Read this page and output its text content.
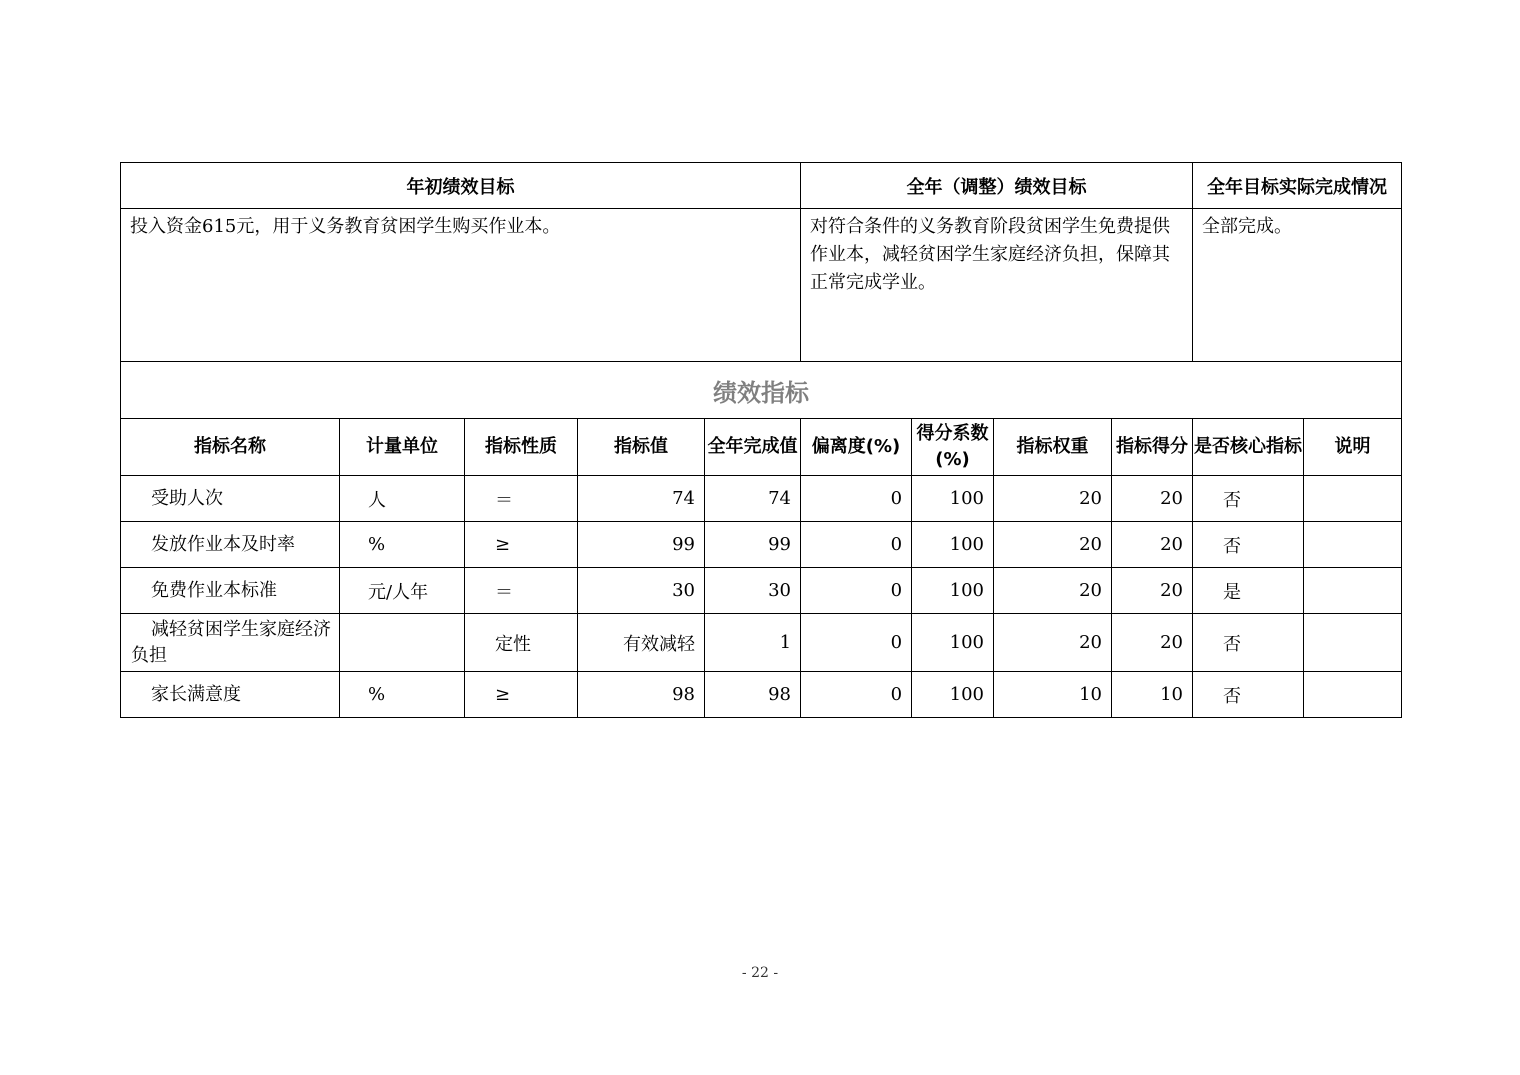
年初绩效目标					全年（调整）绩效目标				全年目标实际完成情况	
投入资金615元，用于义务教育贫困学生购买作业本。					对符合条件的义务教育阶段贫困学生免费提供作业本，减轻贫困学生家庭经济负担，保障其正常完成学业。				全部完成。	
绩效指标										
指标名称	计量单位	指标性质	指标值	全年完成值	偏离度(%)	得分系数(%)	指标权重	指标得分	是否核心指标	说明
受助人次	人	＝	74	74	0	100	20	20	否	
发放作业本及时率	%	≥	99	99	0	100	20	20	否	
免费作业本标准	元/人年	＝	30	30	0	100	20	20	是	
减轻贫困学生家庭经济负担		定性	有效减轻	1	0	100	20	20	否	
家长满意度	%	≥	98	98	0	100	10	10	否	
- 22 -
